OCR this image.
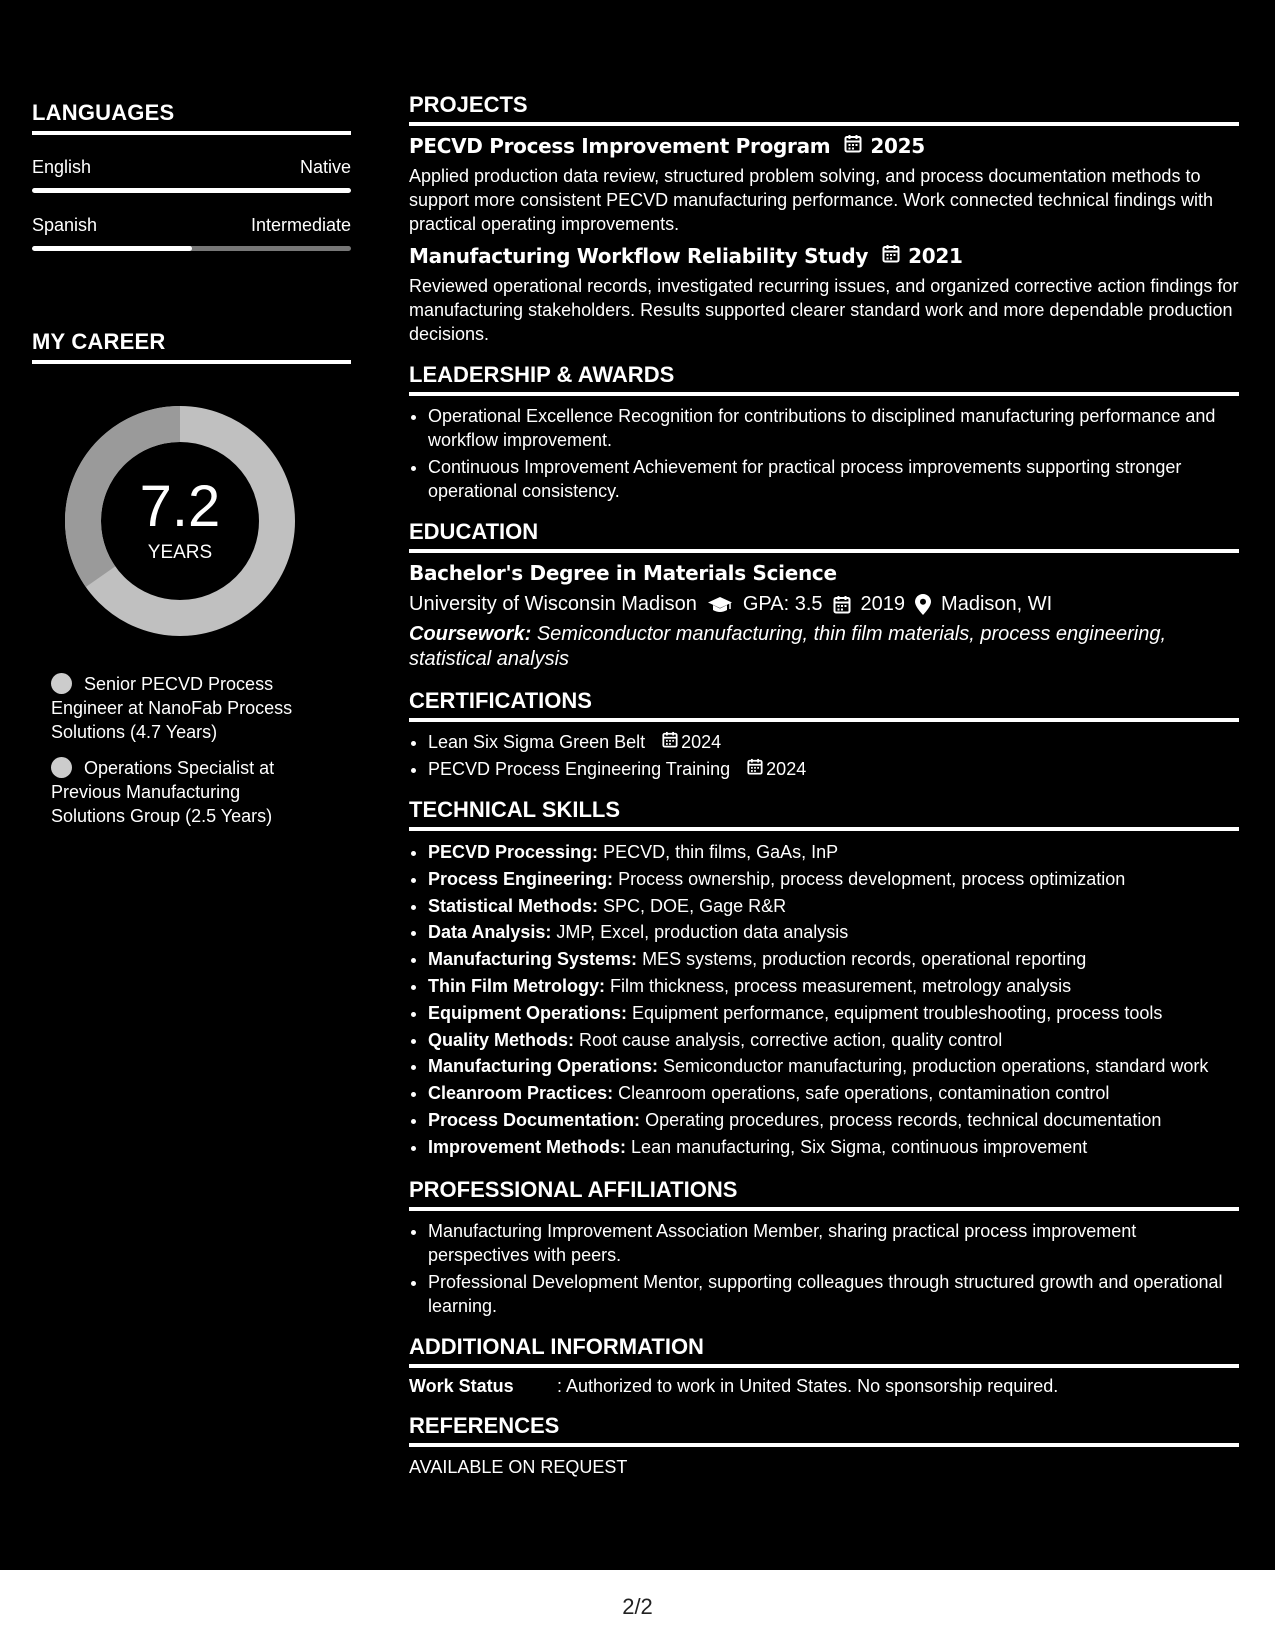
LANGUAGES
English	Native
Spanish	Intermediate
MY CAREER
7.2
YEARS
Senior PECVD Process Engineer at NanoFab Process Solutions (4.7 Years)
Operations Specialist at Previous Manufacturing Solutions Group (2.5 Years)
PROJECTS
PECVD Process Improvement Program 2025
Applied production data review, structured problem solving, and process documentation methods to support more consistent PECVD manufacturing performance. Work connected technical findings with practical operating improvements.
Manufacturing Workflow Reliability Study 2021
Reviewed operational records, investigated recurring issues, and organized corrective action findings for manufacturing stakeholders. Results supported clearer standard work and more dependable production decisions.
LEADERSHIP & AWARDS
• Operational Excellence Recognition for contributions to disciplined manufacturing performance and workflow improvement.
• Continuous Improvement Achievement for practical process improvements supporting stronger operational consistency.
EDUCATION
Bachelor's Degree in Materials Science
University of Wisconsin Madison GPA: 3.5 2019 Madison, WI
Coursework: Semiconductor manufacturing, thin film materials, process engineering, statistical analysis
CERTIFICATIONS
• Lean Six Sigma Green Belt 2024
• PECVD Process Engineering Training 2024
TECHNICAL SKILLS
• PECVD Processing: PECVD, thin films, GaAs, InP
• Process Engineering: Process ownership, process development, process optimization
• Statistical Methods: SPC, DOE, Gage R&R
• Data Analysis: JMP, Excel, production data analysis
• Manufacturing Systems: MES systems, production records, operational reporting
• Thin Film Metrology: Film thickness, process measurement, metrology analysis
• Equipment Operations: Equipment performance, equipment troubleshooting, process tools
• Quality Methods: Root cause analysis, corrective action, quality control
• Manufacturing Operations: Semiconductor manufacturing, production operations, standard work
• Cleanroom Practices: Cleanroom operations, safe operations, contamination control
• Process Documentation: Operating procedures, process records, technical documentation
• Improvement Methods: Lean manufacturing, Six Sigma, continuous improvement
PROFESSIONAL AFFILIATIONS
• Manufacturing Improvement Association Member, sharing practical process improvement perspectives with peers.
• Professional Development Mentor, supporting colleagues through structured growth and operational learning.
ADDITIONAL INFORMATION
Work Status	: Authorized to work in United States. No sponsorship required.
REFERENCES
AVAILABLE ON REQUEST
2/2
